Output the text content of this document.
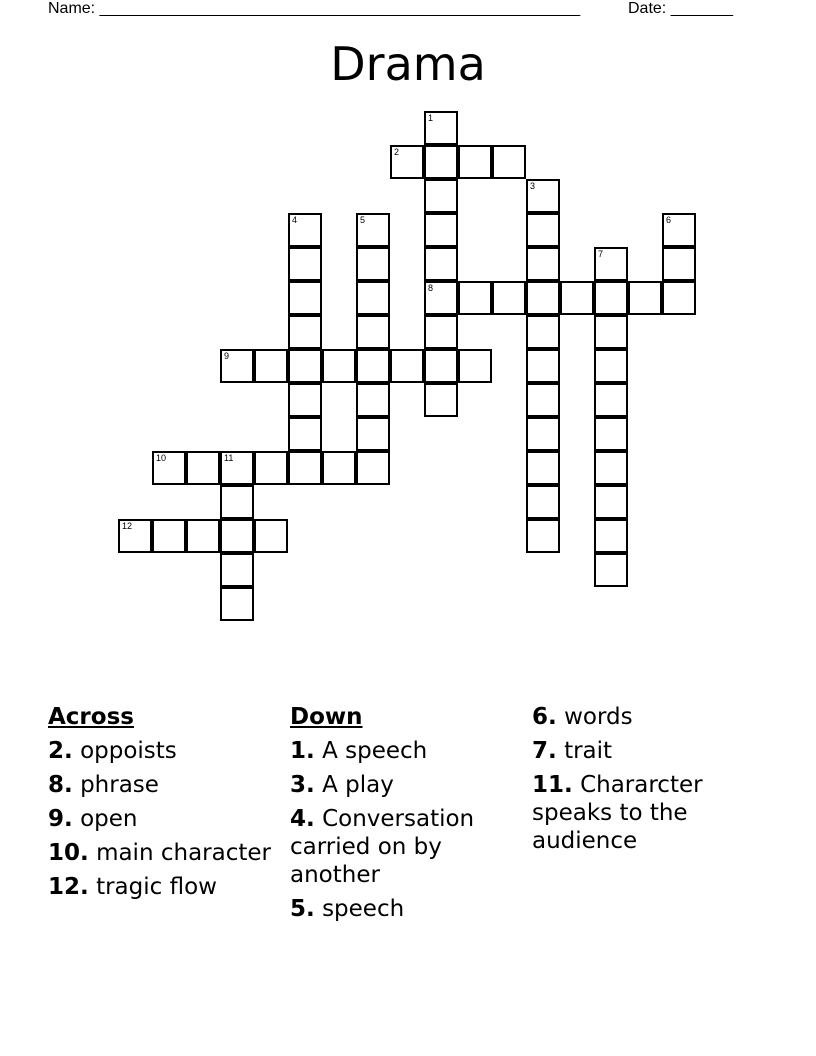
Name: ______________________________________________________	Date: _______
Drama
1
8
2
3
4	5	6
7
9
10	11
12
Across
2. oppoists
8. phrase
9. open
10. main character
12. tragic flow
Down
1. A speech
3. A play
4. Conversation carried on by another
5. speech
6. words
7. trait
11. Chararcter speaks to the audience
